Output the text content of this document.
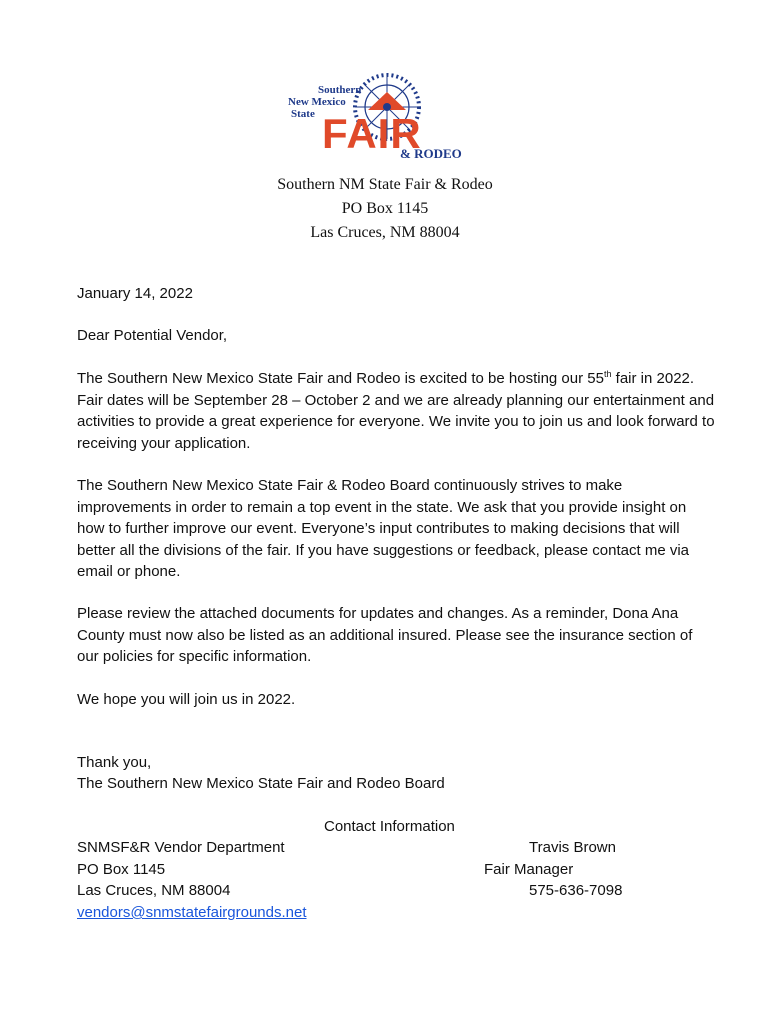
Southern
New Mexico
State FAIR
& RODEO
Southern NM State Fair & Rodeo
PO Box 1145
Las Cruces, NM 88004
January 14, 2022
Dear Potential Vendor,

The Southern New Mexico State Fair and Rodeo is excited to be hosting our 55th fair in 2022. Fair dates will be September 28 – October 2 and we are already planning our entertainment and activities to provide a great experience for everyone. We invite you to join us and look forward to receiving your application.

The Southern New Mexico State Fair & Rodeo Board continuously strives to make improvements in order to remain a top event in the state. We ask that you provide insight on how to further improve our event. Everyone’s input contributes to making decisions that will better all the divisions of the fair. If you have suggestions or feedback, please contact me via email or phone.

Please review the attached documents for updates and changes. As a reminder, Dona Ana County must now also be listed as an additional insured. Please see the insurance section of our policies for specific information.

We hope you will join us in 2022.
Thank you,
The Southern New Mexico State Fair and Rodeo Board
Contact Information
SNMSF&R Vendor Department
PO Box 1145
Las Cruces, NM 88004
vendors@snmstatefairgrounds.net
Travis Brown
Fair Manager
575-636-7098
